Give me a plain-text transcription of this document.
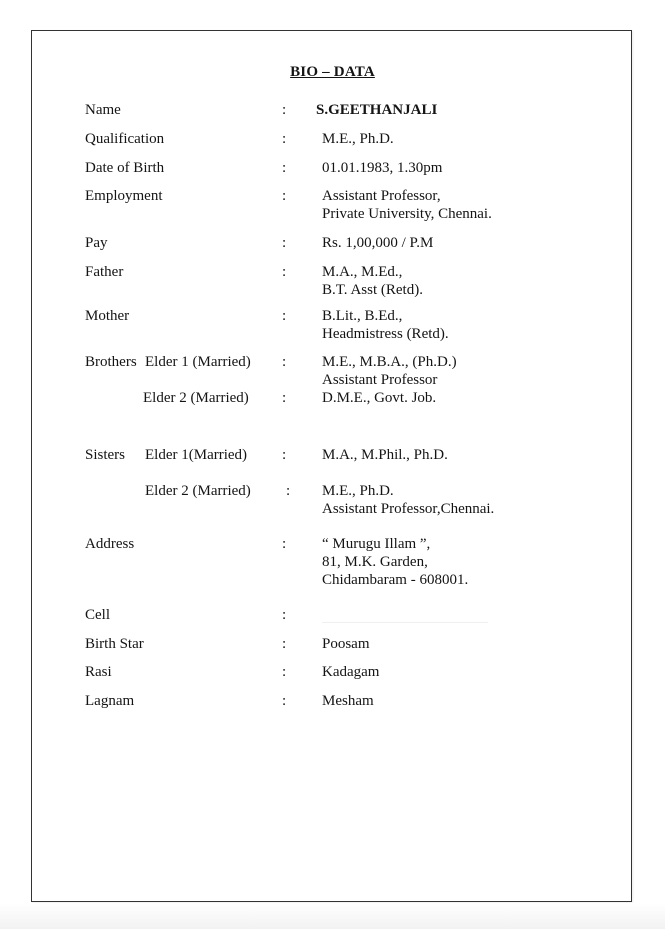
BIO – DATA
Name	: S.GEETHANJALI
Qualification	: M.E., Ph.D.
Date of Birth	: 01.01.1983, 1.30pm
Employment	: Assistant Professor,
Private University, Chennai.
Pay	: Rs. 1,00,000 / P.M
Father	: M.A., M.Ed.,
B.T. Asst (Retd).
Mother	: B.Lit., B.Ed.,
Headmistress (Retd).
Brothers Elder 1 (Married) : M.E., M.B.A., (Ph.D.)
Assistant Professor
Elder 2 (Married) : D.M.E., Govt. Job.
Sisters Elder 1(Married) : M.A., M.Phil., Ph.D.
Elder 2 (Married) : M.E., Ph.D.
Assistant Professor,Chennai.
Address	: “ Murugu Illam ”,
81, M.K. Garden,
Chidambaram - 608001.
Cell	:
Birth Star	: Poosam
Rasi	: Kadagam
Lagnam	: Mesham
